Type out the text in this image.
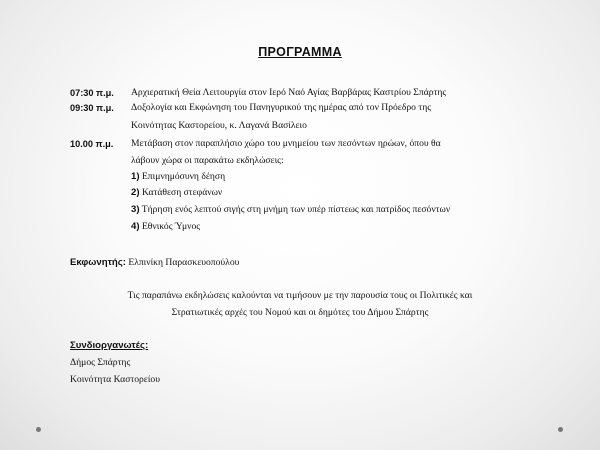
ΠΡΟΓΡΑΜΜΑ
07:30 π.μ. Αρχιερατική Θεία Λειτουργία στον Ιερό Ναό Αγίας Βαρβάρας Καστρίου Σπάρτης
09:30 π.μ. Δοξολογία και Εκφώνηση του Πανηγυρικού της ημέρας από τον Πρόεδρο της
Κοινότητας Καστορείου, κ. Λαγανά Βασίλειο
10.00 π.μ. Μετάβαση στον παραπλήσιο χώρο του μνημείου των πεσόντων ηρώων, όπου θα
λάβουν χώρα οι παρακάτω εκδηλώσεις:
1) Επιμνημόσυνη δέηση
2) Κατάθεση στεφάνων
3) Τήρηση ενός λεπτού σιγής στη μνήμη των υπέρ πίστεως και πατρίδος πεσόντων
4) Εθνικός Ύμνος
Εκφωνητής: Ελπινίκη Παρασκευοπούλου
Τις παραπάνω εκδηλώσεις καλούνται να τιμήσουν με την παρουσία τους οι Πολιτικές και
Στρατιωτικές αρχές του Νομού και οι δημότες του Δήμου Σπάρτης
Συνδιοργανωτές:
Δήμος Σπάρτης
Κοινότητα Καστορείου
